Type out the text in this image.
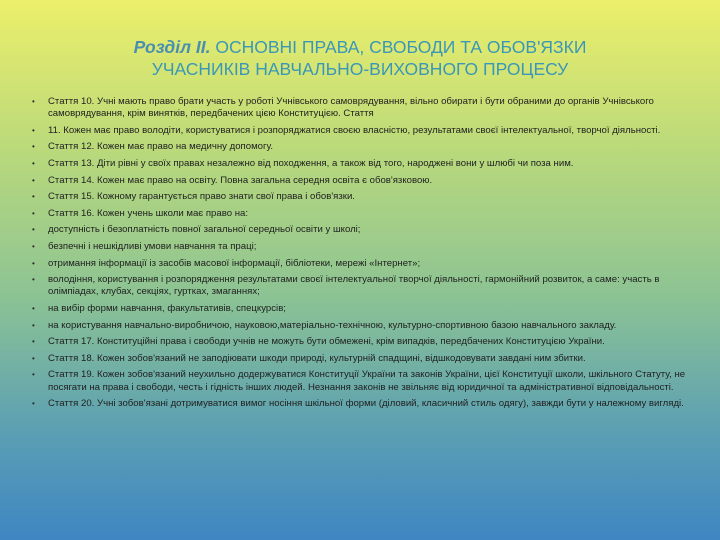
Розділ ІІ. ОСНОВНІ ПРАВА, СВОБОДИ ТА ОБОВ'ЯЗКИ
УЧАСНИКІВ НАВЧАЛЬНО-ВИХОВНОГО ПРОЦЕСУ
• Стаття 10. Учні мають право брати участь у роботі Учнівського самоврядування, вільно обирати і бути обраними до органів Учнівського самоврядування, крім винятків, передбачених цією Конституцією. Стаття
• 11. Кожен має право володіти, користуватися і розпоряджатися своєю власністю, результатами своєї інтелектуальної, творчої діяльності.
• Стаття 12. Кожен має право на медичну допомогу.
• Стаття 13. Діти рівні у своїх правах незалежно від походження, а також від того, народжені вони у шлюбі чи поза ним.
• Стаття 14. Кожен має право на освіту. Повна загальна середня освіта є обов'язковою.
• Стаття 15. Кожному гарантується право знати свої права і обов'язки.
• Стаття 16. Кожен учень школи має право на:
• доступність і безоплатність повної загальної середньої освіти у школі;
• безпечні і нешкідливі умови навчання та праці;
• отримання інформації із засобів масової інформації, бібліотеки, мережі «Інтернет»;
• володіння, користування і розпорядження результатами своєї інтелектуальної творчої діяльності, гармонійний розвиток, а саме: участь в олімпіадах, клубах, секціях, гуртках, змаганнях;
• на вибір форми навчання, факультативів, спецкурсів;
• на користування навчально-виробничою, науковою,матеріально-технічною, культурно-спортивною базою навчального закладу.
• Стаття 17. Конституційні права і свободи учнів не можуть бути обмежені, крім випадків, передбачених Конституцією України.
• Стаття 18. Кожен зобов'язаний не заподіювати шкоди природі, культурній спадщині, відшкодовувати завдані ним збитки.
• Стаття 19. Кожен зобов'язаний неухильно додержуватися Конституції України та законів України, цієї Конституції школи, шкільного Статуту, не посягати на права і свободи, честь і гідність інших людей. Незнання законів не звільняє від юридичної та адміністративної відповідальності.
• Стаття 20. Учні зобов'язані дотримуватися вимог носіння шкільної форми (діловий, класичний стиль одягу), завжди бути у належному вигляді.
